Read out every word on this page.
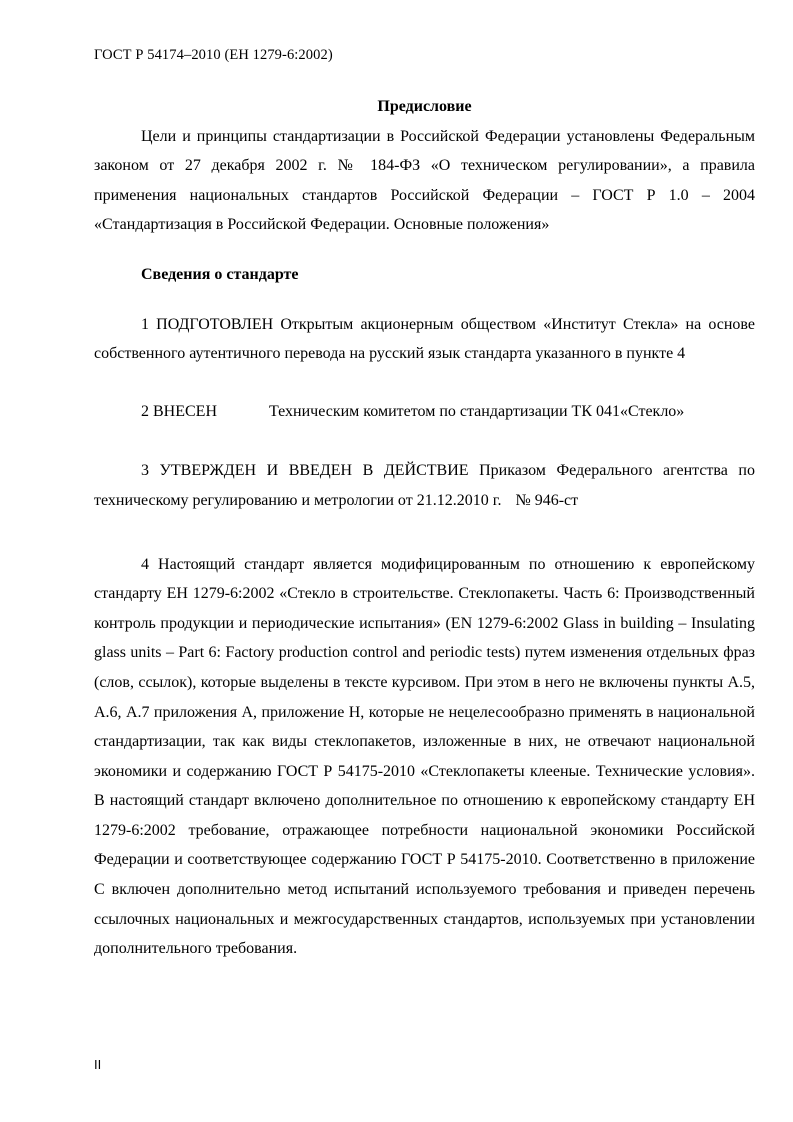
ГОСТ Р 54174–2010 (ЕН 1279-6:2002)

Предисловие

Цели и принципы стандартизации в Российской Федерации установлены Федеральным законом от 27 декабря 2002 г. № 184-ФЗ «О техническом регулировании», а правила применения национальных стандартов Российской Федерации – ГОСТ Р 1.0 – 2004 «Стандартизация в Российской Федерации. Основные положения»

Сведения о стандарте

1 ПОДГОТОВЛЕН Открытым акционерным обществом «Институт Стекла» на основе собственного аутентичного перевода на русский язык стандарта указанного в пункте 4

2 ВНЕСЕН	Техническим комитетом по стандартизации ТК 041«Стекло»

3 УТВЕРЖДЕН И ВВЕДЕН В ДЕЙСТВИЕ Приказом Федерального агентства по техническому регулированию и метрологии от 21.12.2010 г. № 946-ст

4 Настоящий стандарт является модифицированным по отношению к европейскому стандарту ЕН 1279-6:2002 «Стекло в строительстве. Стеклопакеты. Часть 6: Производственный контроль продукции и периодические испытания» (EN 1279-6:2002 Glass in building – Insulating glass units – Part 6: Factory production control and periodic tests) путем изменения отдельных фраз (слов, ссылок), которые выделены в тексте курсивом. При этом в него не включены пункты А.5, А.6, А.7 приложения А, приложение Н, которые не нецелесообразно применять в национальной стандартизации, так как виды стеклопакетов, изложенные в них, не отвечают национальной экономики и содержанию ГОСТ Р 54175-2010 «Стеклопакеты клееные. Технические условия». В настоящий стандарт включено дополнительное по отношению к европейскому стандарту ЕН 1279-6:2002 требование, отражающее потребности национальной экономики Российской Федерации и соответствующее содержанию ГОСТ Р 54175-2010. Соответственно в приложение С включен дополнительно метод испытаний используемого требования и приведен перечень ссылочных национальных и межгосударственных стандартов, используемых при установлении дополнительного требования.

II
